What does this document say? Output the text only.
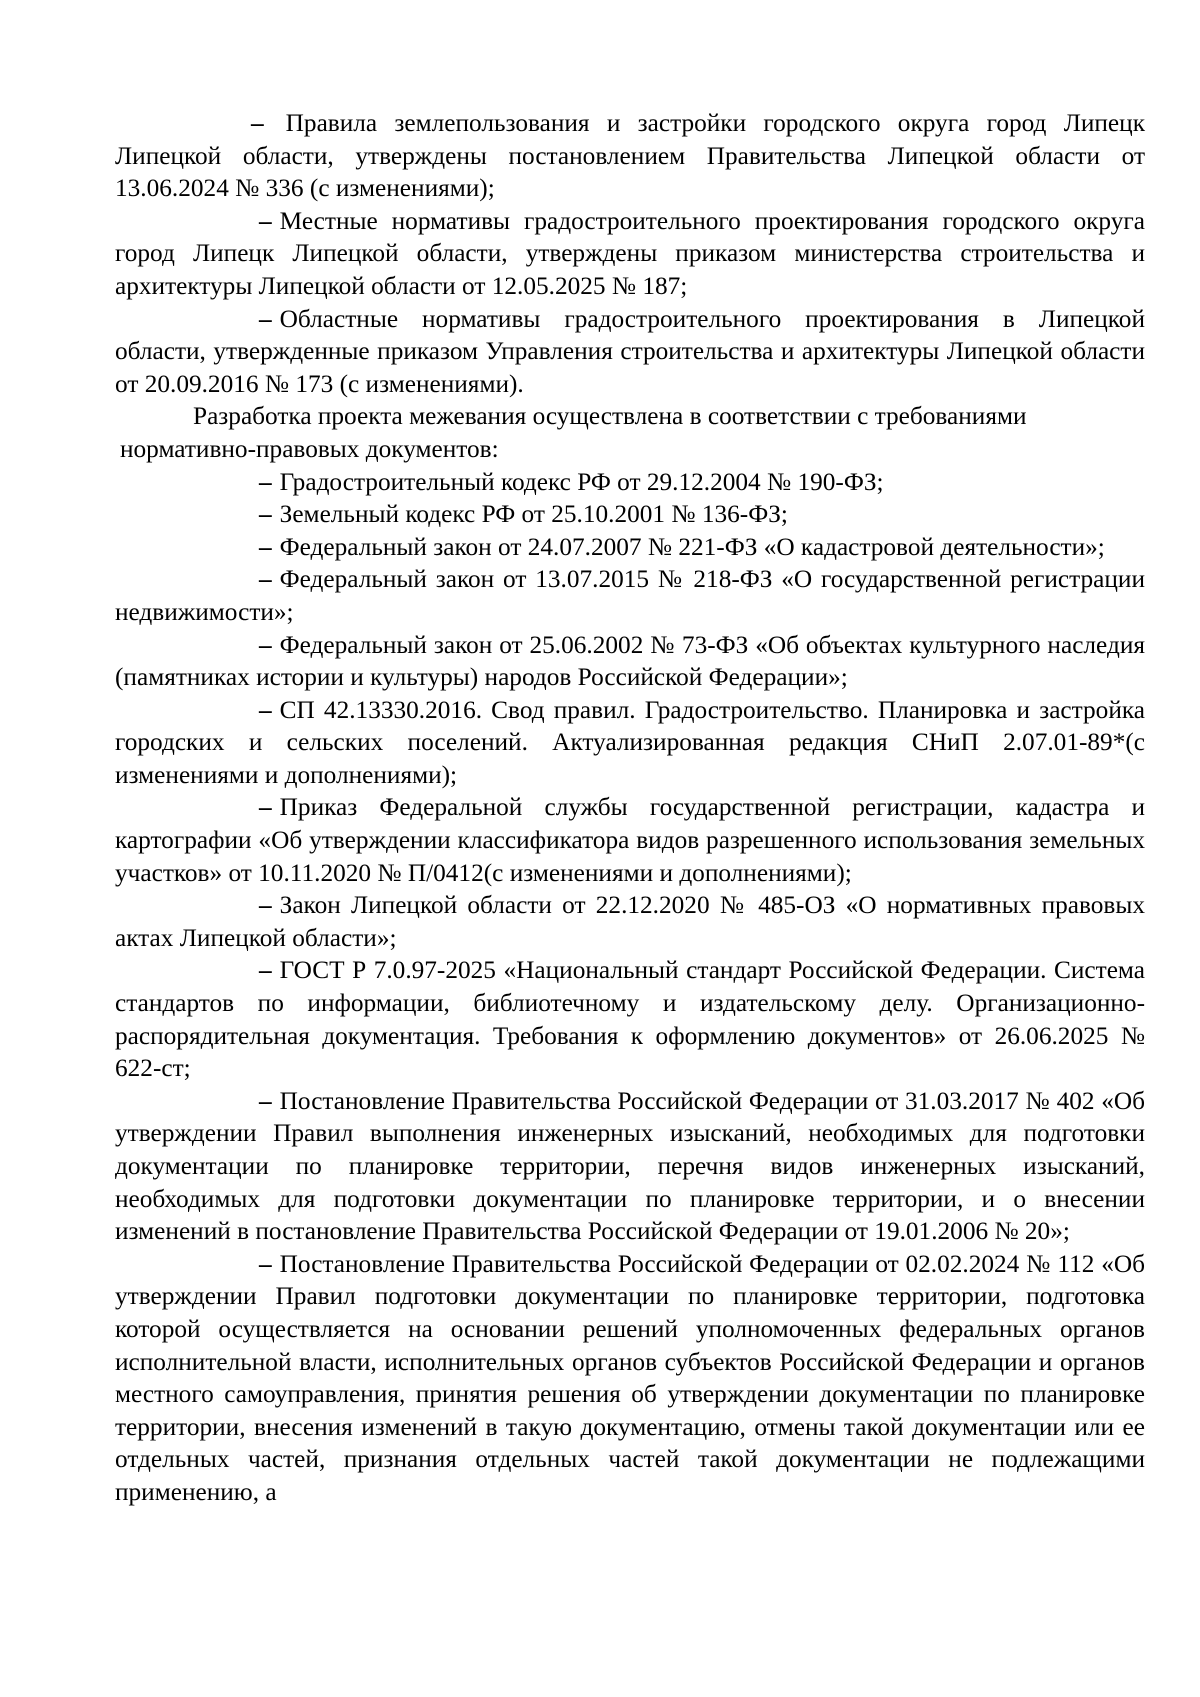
– Правила землепользования и застройки городского округа город Липецк Липецкой области, утверждены постановлением Правительства Липецкой области от 13.06.2024 № 336 (с изменениями);

– Местные нормативы градостроительного проектирования городского округа город Липецк Липецкой области, утверждены приказом министерства строительства и архитектуры Липецкой области от 12.05.2025 № 187;

– Областные нормативы градостроительного проектирования в Липецкой области, утвержденные приказом Управления строительства и архитектуры Липецкой области от 20.09.2016 № 173 (с изменениями).

Разработка проекта межевания осуществлена в соответствии с требованиями
нормативно-правовых документов:

– Градостроительный кодекс РФ от 29.12.2004 № 190-ФЗ;

– Земельный кодекс РФ от 25.10.2001 № 136-ФЗ;

– Федеральный закон от 24.07.2007 № 221-ФЗ «О кадастровой деятельности»;

– Федеральный закон от 13.07.2015 № 218-ФЗ «О государственной регистрации недвижимости»;

– Федеральный закон от 25.06.2002 № 73-ФЗ «Об объектах культурного наследия (памятниках истории и культуры) народов Российской Федерации»;

– СП 42.13330.2016. Свод правил. Градостроительство. Планировка и застройка городских и сельских поселений. Актуализированная редакция СНиП 2.07.01-89*(с изменениями и дополнениями);

– Приказ Федеральной службы государственной регистрации, кадастра и картографии «Об утверждении классификатора видов разрешенного использования земельных участков» от 10.11.2020 № П/0412(с изменениями и дополнениями);

– Закон Липецкой области от 22.12.2020 № 485-ОЗ «О нормативных правовых актах Липецкой области»;

– ГОСТ Р 7.0.97-2025 «Национальный стандарт Российской Федерации. Система стандартов по информации, библиотечному и издательскому делу. Организационно-распорядительная документация. Требования к оформлению документов» от 26.06.2025 № 622-ст;

– Постановление Правительства Российской Федерации от 31.03.2017 № 402 «Об утверждении Правил выполнения инженерных изысканий, необходимых для подготовки документации по планировке территории, перечня видов инженерных изысканий, необходимых для подготовки документации по планировке территории, и о внесении изменений в постановление Правительства Российской Федерации от 19.01.2006 № 20»;

– Постановление Правительства Российской Федерации от 02.02.2024 № 112 «Об утверждении Правил подготовки документации по планировке территории, подготовка которой осуществляется на основании решений уполномоченных федеральных органов исполнительной власти, исполнительных органов субъектов Российской Федерации и органов местного самоуправления, принятия решения об утверждении документации по планировке территории, внесения изменений в такую документацию, отмены такой документации или ее отдельных частей, признания отдельных частей такой документации не подлежащими применению, а
